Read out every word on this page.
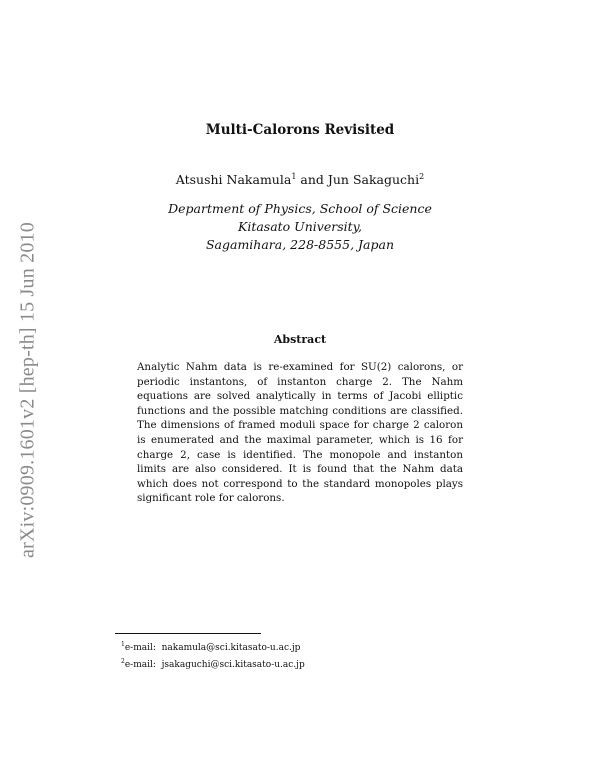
arXiv:0909.1601v2 [hep-th] 15 Jun 2010
Multi-Calorons Revisited
Atsushi Nakamula$^1$ and Jun Sakaguchi$^2$
Department of Physics, School of Science
Kitasato University,
Sagamihara, 228-8555, Japan
Abstract
Analytic Nahm data is re-examined for SU(2) calorons, or periodic instantons, of instanton charge 2. The Nahm equations are solved analytically in terms of Jacobi elliptic functions and the possible matching conditions are classified. The dimensions of framed moduli space for charge 2 caloron is enumerated and the maximal parameter, which is 16 for charge 2, case is identified. The monopole and instanton limits are also considered. It is found that the Nahm data which does not correspond to the standard monopoles plays significant role for calorons.
$^1$e-mail:  nakamula@sci.kitasato-u.ac.jp
$^2$e-mail:  jsakaguchi@sci.kitasato-u.ac.jp
